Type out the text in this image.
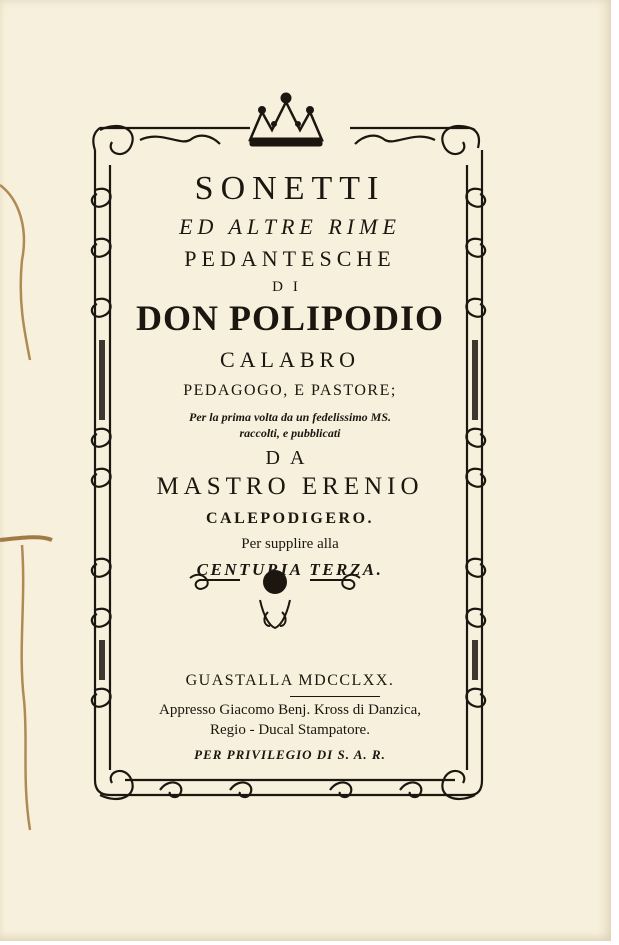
SONETTI
ED ALTRE RIME
PEDANTESCHE
DI
DON POLIPODIO
CALABRO
PEDAGOGO, E PASTORE;
Per la prima volta da un fedelissimo MS.
raccolti, e pubblicati
DA
MASTRO ERENIO
CALEPODIGERO.
Per supplire alla
CENTURIA TERZA.
GUASTALLA MDCCLXX.
Appresso Giacomo Benj. Kross di Danzica,
Regio - Ducal Stampatore.
PER PRIVILEGIO DI S. A. R.
